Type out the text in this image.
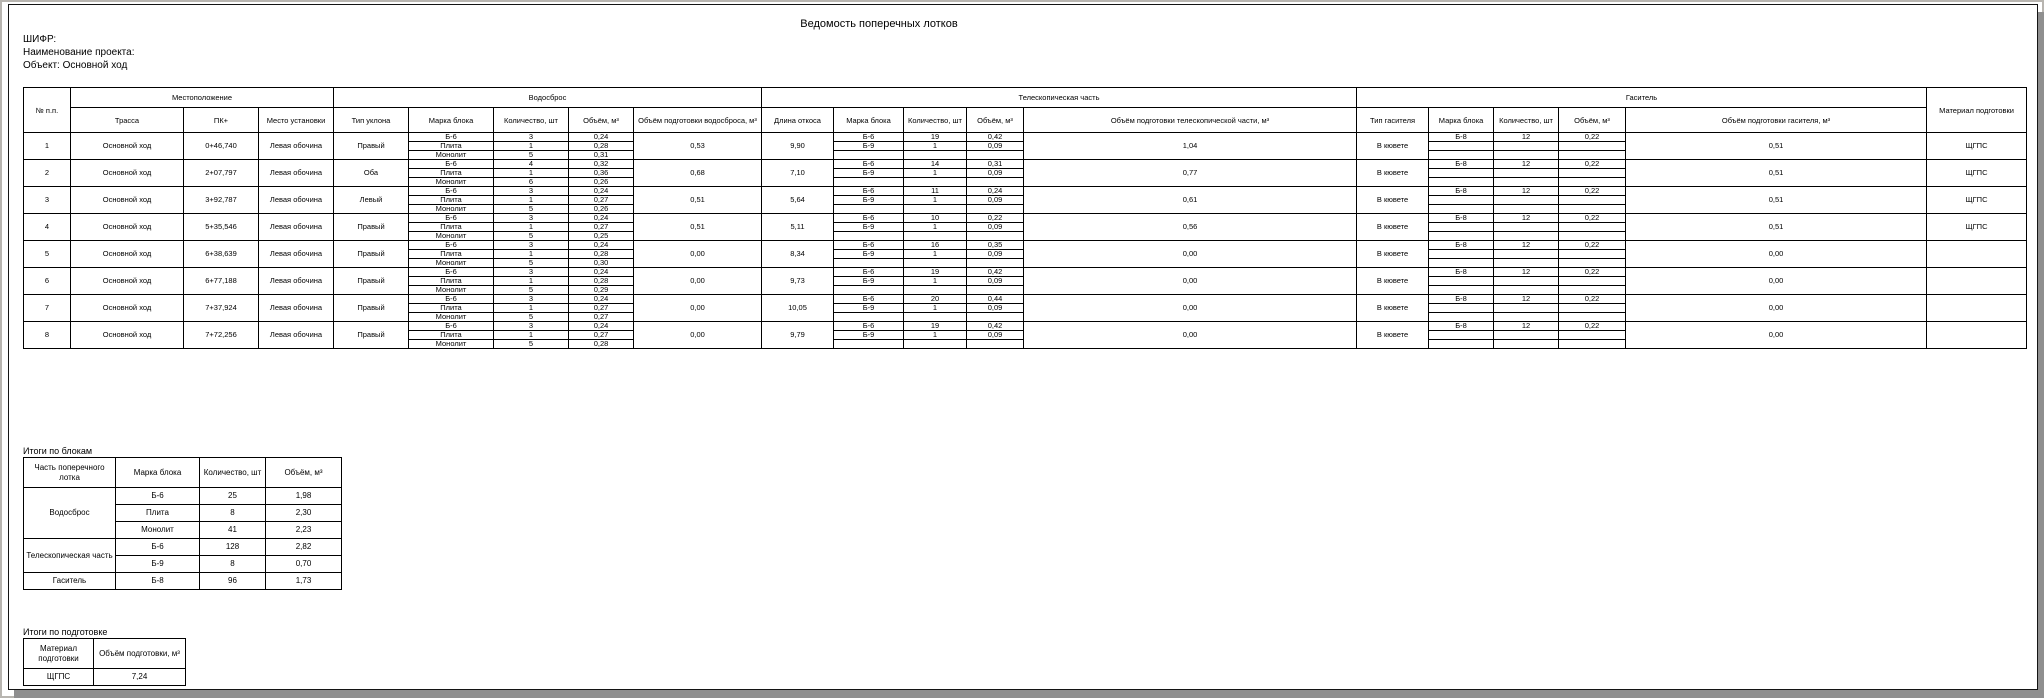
Ведомость поперечных лотков
ШИФР:
Наименование проекта:
Объект: Основной ход
№ п.п.	Местоположение			Водосброс					Телескопическая часть					Гаситель					Материал подготовки
	Трасса	ПК+	Место установки	Тип уклона	Марка блока	Количество, шт	Объём, м³	Объём подготовки водосброса, м³	Длина откоса	Марка блока	Количество, шт	Объём, м³	Объём подготовки телескопической части, м³	Тип гасителя	Марка блока	Количество, шт	Объём, м³	Объём подготовки гасителя, м³	
1	Основной ход	0+46,740	Левая обочина	Правый	Б-6	3	0,24	0,53	9,90	Б-6	19	0,42	1,04	В кювете	Б-8	12	0,22	0,51	ЩГПС
					Плита	1	0,28			Б-9	1	0,09							
					Монолит	5	0,31												
2	Основной ход	2+07,797	Левая обочина	Оба	Б-6	4	0,32	0,68	7,10	Б-6	14	0,31	0,77	В кювете	Б-8	12	0,22	0,51	ЩГПС
					Плита	1	0,36			Б-9	1	0,09							
					Монолит	6	0,26												
3	Основной ход	3+92,787	Левая обочина	Левый	Б-6	3	0,24	0,51	5,64	Б-6	11	0,24	0,61	В кювете	Б-8	12	0,22	0,51	ЩГПС
					Плита	1	0,27			Б-9	1	0,09							
					Монолит	5	0,26												
4	Основной ход	5+35,546	Левая обочина	Правый	Б-6	3	0,24	0,51	5,11	Б-6	10	0,22	0,56	В кювете	Б-8	12	0,22	0,51	ЩГПС
					Плита	1	0,27			Б-9	1	0,09							
					Монолит	5	0,25												
5	Основной ход	6+38,639	Левая обочина	Правый	Б-6	3	0,24	0,00	8,34	Б-6	16	0,35	0,00	В кювете	Б-8	12	0,22	0,00	
					Плита	1	0,28			Б-9	1	0,09							
					Монолит	5	0,30												
6	Основной ход	6+77,188	Левая обочина	Правый	Б-6	3	0,24	0,00	9,73	Б-6	19	0,42	0,00	В кювете	Б-8	12	0,22	0,00	
					Плита	1	0,28			Б-9	1	0,09							
					Монолит	5	0,29												
7	Основной ход	7+37,924	Левая обочина	Правый	Б-6	3	0,24	0,00	10,05	Б-6	20	0,44	0,00	В кювете	Б-8	12	0,22	0,00	
					Плита	1	0,27			Б-9	1	0,09							
					Монолит	5	0,27												
8	Основной ход	7+72,256	Левая обочина	Правый	Б-6	3	0,24	0,00	9,79	Б-6	19	0,42	0,00	В кювете	Б-8	12	0,22	0,00	
					Плита	1	0,27			Б-9	1	0,09							
					Монолит	5	0,28												
Итоги по блокам
Часть поперечного лотка	Марка блока	Количество, шт	Объём, м³
Водосброс	Б-6	25	1,98
	Плита	8	2,30
	Монолит	41	2,23
Телескопическая часть	Б-6	128	2,82
	Б-9	8	0,70
Гаситель	Б-8	96	1,73
Итоги по подготовке
Материал подготовки	Объём подготовки, м³
ЩГПС	7,24
